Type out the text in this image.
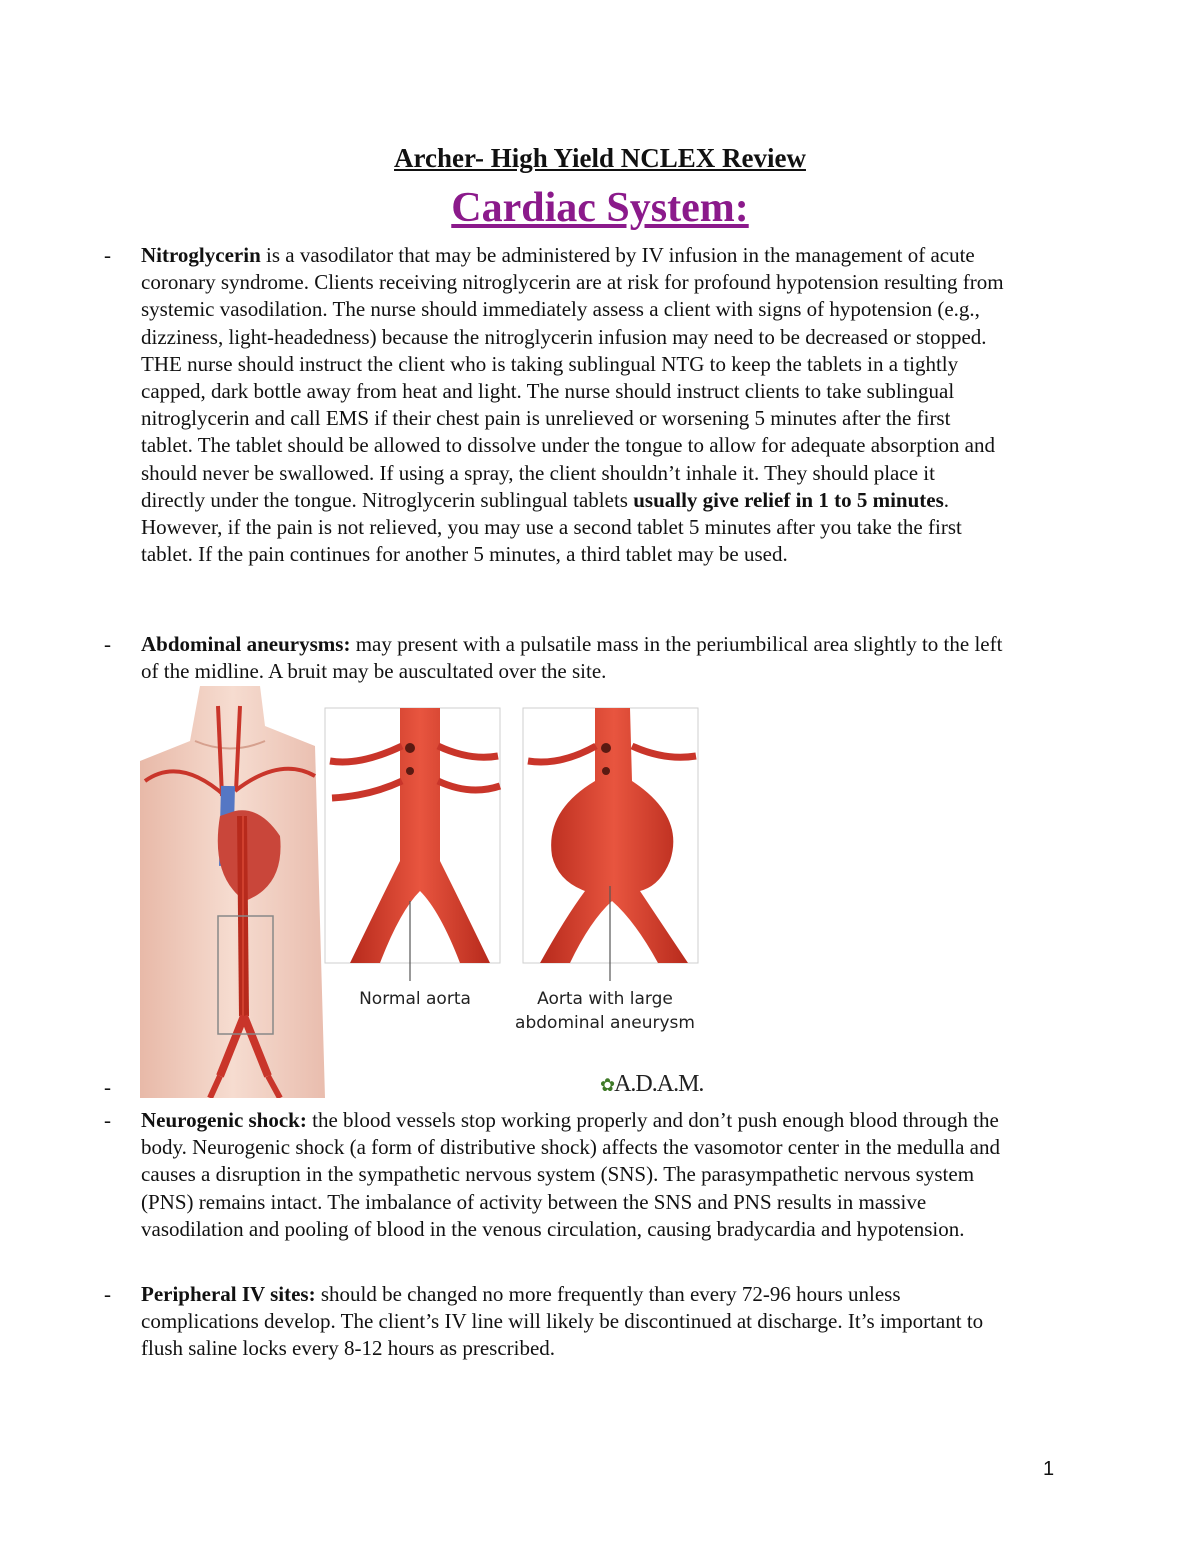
Archer- High Yield NCLEX Review
Cardiac System:
-	Nitroglycerin is a vasodilator that may be administered by IV infusion in the management of acute coronary syndrome. Clients receiving nitroglycerin are at risk for profound hypotension resulting from systemic vasodilation. The nurse should immediately assess a client with signs of hypotension (e.g., dizziness, light-headedness) because the nitroglycerin infusion may need to be decreased or stopped. THE nurse should instruct the client who is taking sublingual NTG to keep the tablets in a tightly capped, dark bottle away from heat and light. The nurse should instruct clients to take sublingual nitroglycerin and call EMS if their chest pain is unrelieved or worsening 5 minutes after the first tablet. The tablet should be allowed to dissolve under the tongue to allow for adequate absorption and should never be swallowed. If using a spray, the client shouldn’t inhale it. They should place it directly under the tongue. Nitroglycerin sublingual tablets usually give relief in 1 to 5 minutes. However, if the pain is not relieved, you may use a second tablet 5 minutes after you take the first tablet. If the pain continues for another 5 minutes, a third tablet may be used.
-	Abdominal aneurysms: may present with a pulsatile mass in the periumbilical area slightly to the left of the midline. A bruit may be auscultated over the site.
Normal aorta	Aorta with large
abdominal aneurysm
✿A.D.A.M.
-
-	Neurogenic shock: the blood vessels stop working properly and don’t push enough blood through the body. Neurogenic shock (a form of distributive shock) affects the vasomotor center in the medulla and causes a disruption in the sympathetic nervous system (SNS). The parasympathetic nervous system (PNS) remains intact. The imbalance of activity between the SNS and PNS results in massive vasodilation and pooling of blood in the venous circulation, causing bradycardia and hypotension.
-	Peripheral IV sites: should be changed no more frequently than every 72-96 hours unless complications develop. The client’s IV line will likely be discontinued at discharge. It’s important to flush saline locks every 8-12 hours as prescribed.
1
